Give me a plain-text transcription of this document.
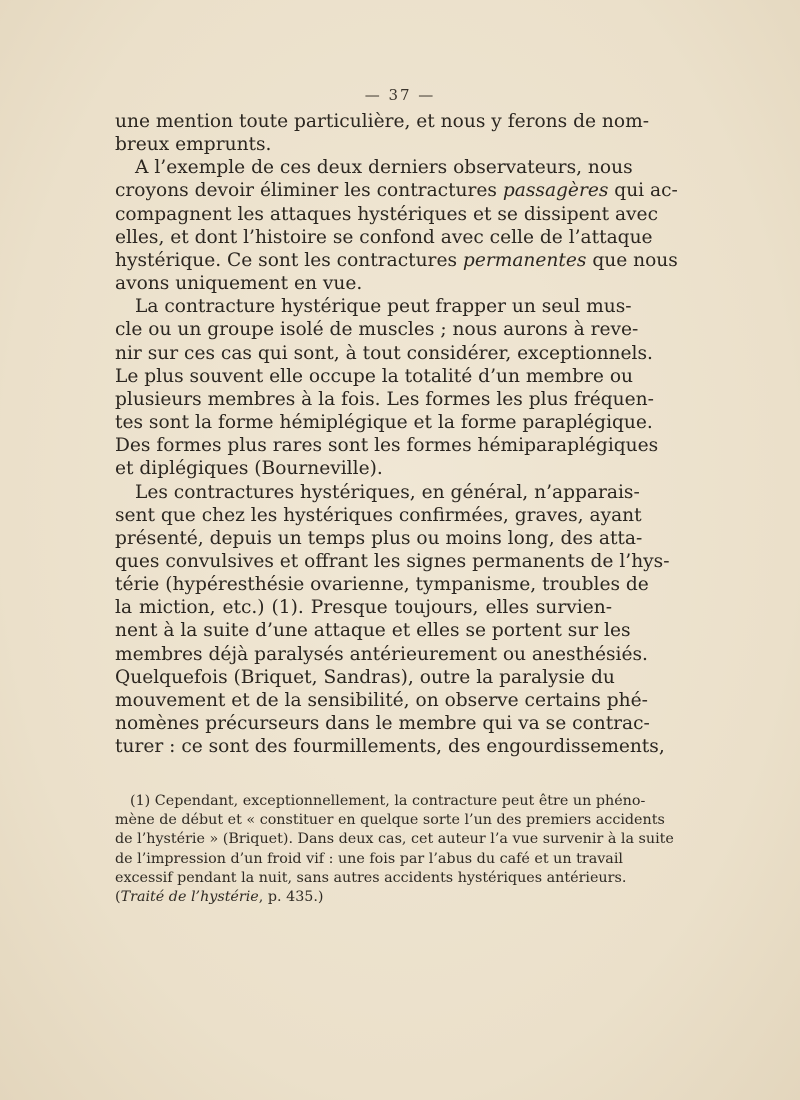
— 37 —

une mention toute particulière, et nous y ferons de nom-
breux emprunts.

A l’exemple de ces deux derniers observateurs, nous
croyons devoir éliminer les contractures passagères qui ac-
compagnent les attaques hystériques et se dissipent avec
elles, et dont l’histoire se confond avec celle de l’attaque
hystérique. Ce sont les contractures permanentes que nous
avons uniquement en vue.

La contracture hystérique peut frapper un seul mus-
cle ou un groupe isolé de muscles ; nous aurons à reve-
nir sur ces cas qui sont, à tout considérer, exceptionnels.
Le plus souvent elle occupe la totalité d’un membre ou
plusieurs membres à la fois. Les formes les plus fréquen-
tes sont la forme hémiplégique et la forme paraplégique.
Des formes plus rares sont les formes hémiparaplégiques
et diplégiques (Bourneville).

Les contractures hystériques, en général, n’apparais-
sent que chez les hystériques confirmées, graves, ayant
présenté, depuis un temps plus ou moins long, des atta-
ques convulsives et offrant les signes permanents de l’hys-
térie (hypéresthésie ovarienne, tympanisme, troubles de
la miction, etc.) (1). Presque toujours, elles survien-
nent à la suite d’une attaque et elles se portent sur les
membres déjà paralysés antérieurement ou anesthésiés.
Quelquefois (Briquet, Sandras), outre la paralysie du
mouvement et de la sensibilité, on observe certains phé-
nomènes précurseurs dans le membre qui va se contrac-
turer : ce sont des fourmillements, des engourdissements,

(1) Cependant, exceptionnellement, la contracture peut être un phéno-
mène de début et « constituer en quelque sorte l’un des premiers accidents
de l’hystérie » (Briquet). Dans deux cas, cet auteur l’a vue survenir à la suite
de l’impression d’un froid vif : une fois par l’abus du café et un travail
excessif pendant la nuit, sans autres accidents hystériques antérieurs.
(Traité de l’hystérie, p. 435.)
